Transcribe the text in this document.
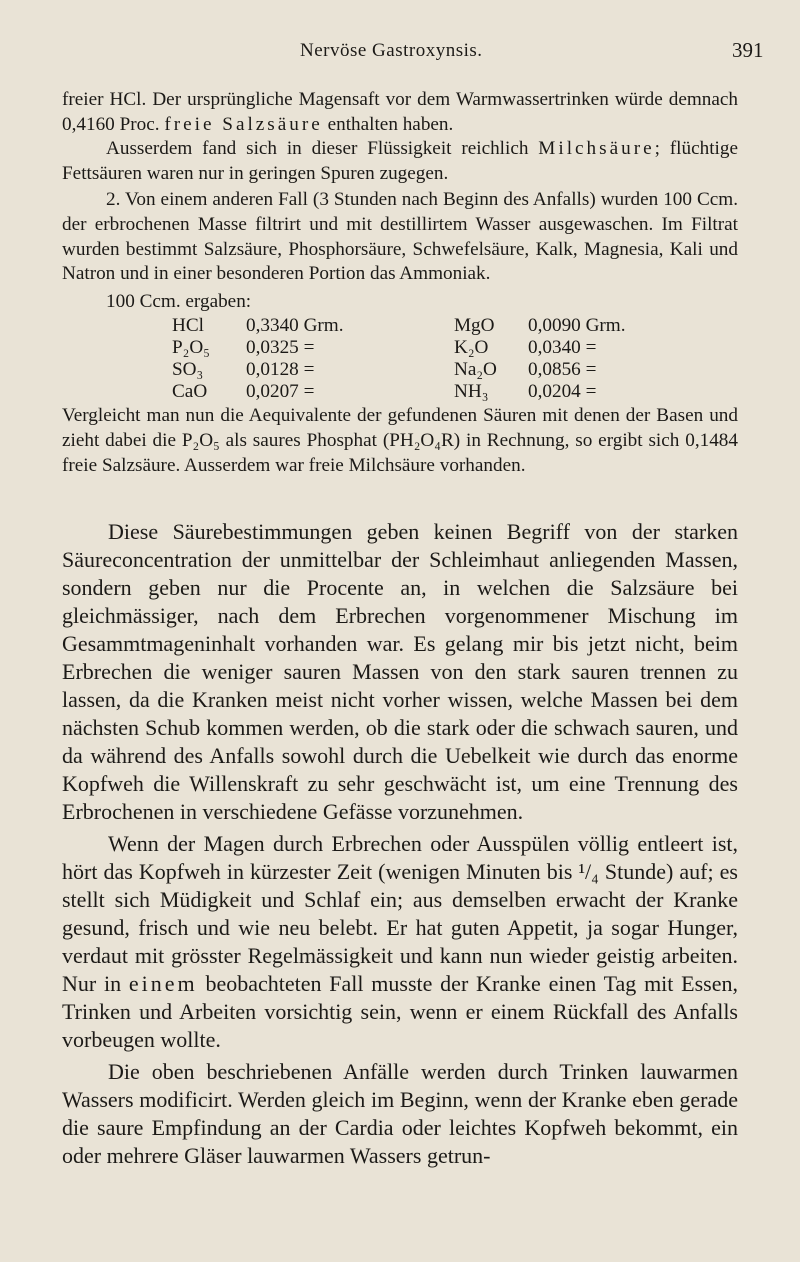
Nervöse Gastroxynsis.	391

freier HCl. Der ursprüngliche Magensaft vor dem Warmwassertrinken würde demnach 0,4160 Proc. freie Salzsäure enthalten haben.

Ausserdem fand sich in dieser Flüssigkeit reichlich Milchsäure; flüchtige Fettsäuren waren nur in geringen Spuren zugegen.

2. Von einem anderen Fall (3 Stunden nach Beginn des Anfalls) wurden 100 Ccm. der erbrochenen Masse filtrirt und mit destillirtem Wasser ausgewaschen. Im Filtrat wurden bestimmt Salzsäure, Phosphorsäure, Schwefelsäure, Kalk, Magnesia, Kali und Natron und in einer besonderen Portion das Ammoniak.

100 Ccm. ergaben:

HCl 0,3340 Grm.	MgO 0,0090 Grm.
P₂O₅ 0,0325 =	K₂O 0,0340 =
SO₃ 0,0128 =	Na₂O 0,0856 =
CaO 0,0207 =	NH₃ 0,0204 =

Vergleicht man nun die Aequivalente der gefundenen Säuren mit denen der Basen und zieht dabei die P₂O₅ als saures Phosphat (PH₂O₄R) in Rechnung, so ergibt sich 0,1484 freie Salzsäure. Ausserdem war freie Milchsäure vorhanden.

Diese Säurebestimmungen geben keinen Begriff von der starken Säureconcentration der unmittelbar der Schleimhaut anliegenden Massen, sondern geben nur die Procente an, in welchen die Salzsäure bei gleichmässiger, nach dem Erbrechen vorgenommener Mischung im Gesammtmageninhalt vorhanden war. Es gelang mir bis jetzt nicht, beim Erbrechen die weniger sauren Massen von den stark sauren trennen zu lassen, da die Kranken meist nicht vorher wissen, welche Massen bei dem nächsten Schub kommen werden, ob die stark oder die schwach sauren, und da während des Anfalls sowohl durch die Uebelkeit wie durch das enorme Kopfweh die Willenskraft zu sehr geschwächt ist, um eine Trennung des Erbrochenen in verschiedene Gefässe vorzunehmen.

Wenn der Magen durch Erbrechen oder Ausspülen völlig entleert ist, hört das Kopfweh in kürzester Zeit (wenigen Minuten bis ¹/₄ Stunde) auf; es stellt sich Müdigkeit und Schlaf ein; aus demselben erwacht der Kranke gesund, frisch und wie neu belebt. Er hat guten Appetit, ja sogar Hunger, verdaut mit grösster Regelmässigkeit und kann nun wieder geistig arbeiten. Nur in einem beobachteten Fall musste der Kranke einen Tag mit Essen, Trinken und Arbeiten vorsichtig sein, wenn er einem Rückfall des Anfalls vorbeugen wollte.

Die oben beschriebenen Anfälle werden durch Trinken lauwarmen Wassers modificirt. Werden gleich im Beginn, wenn der Kranke eben gerade die saure Empfindung an der Cardia oder leichtes Kopfweh bekommt, ein oder mehrere Gläser lauwarmen Wassers getrun-
